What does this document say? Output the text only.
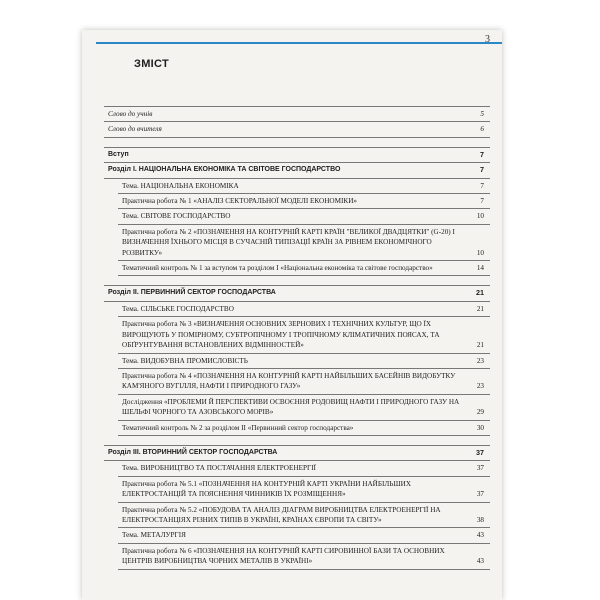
3
ЗМІСТ
Слово до учнів	5
Слово до вчителя	6
Вступ	7
Розділ І. НАЦІОНАЛЬНА ЕКОНОМІКА ТА СВІТОВЕ ГОСПОДАРСТВО	7
Тема. НАЦІОНАЛЬНА ЕКОНОМІКА	7
Практична робота № 1 «АНАЛІЗ СЕКТОРАЛЬНОЇ МОДЕЛІ ЕКОНОМІКИ»	7
Тема. СВІТОВЕ ГОСПОДАРСТВО	10
Практична робота № 2 «ПОЗНАЧЕННЯ НА КОНТУРНІЙ КАРТІ КРАЇН "ВЕЛИКОЇ ДВАДЦЯТКИ" (G-20) І ВИЗНАЧЕННЯ ЇХНЬОГО МІСЦЯ В СУЧАСНІЙ ТИПІЗАЦІЇ КРАЇН ЗА РІВНЕМ ЕКОНОМІЧНОГО РОЗВИТКУ»	10
Тематичний контроль № 1 за вступом та розділом І «Національна економіка та світове господарство»	14
Розділ ІІ. ПЕРВИННИЙ СЕКТОР ГОСПОДАРСТВА	21
Тема. СІЛЬСЬКЕ ГОСПОДАРСТВО	21
Практична робота № 3 «ВИЗНАЧЕННЯ ОСНОВНИХ ЗЕРНОВИХ І ТЕХНІЧНИХ КУЛЬТУР, ЩО ЇХ ВИРОЩУЮТЬ У ПОМІРНОМУ, СУБТРОПІЧНОМУ І ТРОПІЧНОМУ КЛІМАТИЧНИХ ПОЯСАХ, ТА ОБҐРУНТУВАННЯ ВСТАНОВЛЕНИХ ВІДМІННОСТЕЙ»	21
Тема. ВИДОБУВНА ПРОМИСЛОВІСТЬ	23
Практична робота № 4 «ПОЗНАЧЕННЯ НА КОНТУРНІЙ КАРТІ НАЙБІЛЬШИХ БАСЕЙНІВ ВИДОБУТКУ КАМ'ЯНОГО ВУГІЛЛЯ, НАФТИ І ПРИРОДНОГО ГАЗУ»	23
Дослідження «ПРОБЛЕМИ Й ПЕРСПЕКТИВИ ОСВОЄННЯ РОДОВИЩ НАФТИ І ПРИРОДНОГО ГАЗУ НА ШЕЛЬФІ ЧОРНОГО ТА АЗОВСЬКОГО МОРІВ»	29
Тематичний контроль № 2 за розділом ІІ «Первинний сектор господарства»	30
Розділ ІІІ. ВТОРИННИЙ СЕКТОР ГОСПОДАРСТВА	37
Тема. ВИРОБНИЦТВО ТА ПОСТАЧАННЯ ЕЛЕКТРОЕНЕРГІЇ	37
Практична робота № 5.1 «ПОЗНАЧЕННЯ НА КОНТУРНІЙ КАРТІ УКРАЇНИ НАЙБІЛЬШИХ ЕЛЕКТРОСТАНЦІЙ ТА ПОЯСНЕННЯ ЧИННИКІВ ЇХ РОЗМІЩЕННЯ»	37
Практична робота № 5.2 «ПОБУДОВА ТА АНАЛІЗ ДІАГРАМ ВИРОБНИЦТВА ЕЛЕКТРОЕНЕРГІЇ НА ЕЛЕКТРОСТАНЦІЯХ РІЗНИХ ТИПІВ В УКРАЇНІ, КРАЇНАХ ЄВРОПИ ТА СВІТУ»	38
Тема. МЕТАЛУРГІЯ	43
Практична робота № 6 «ПОЗНАЧЕННЯ НА КОНТУРНІЙ КАРТІ СИРОВИННОЇ БАЗИ ТА ОСНОВНИХ ЦЕНТРІВ ВИРОБНИЦТВА ЧОРНИХ МЕТАЛІВ В УКРАЇНІ»	43
